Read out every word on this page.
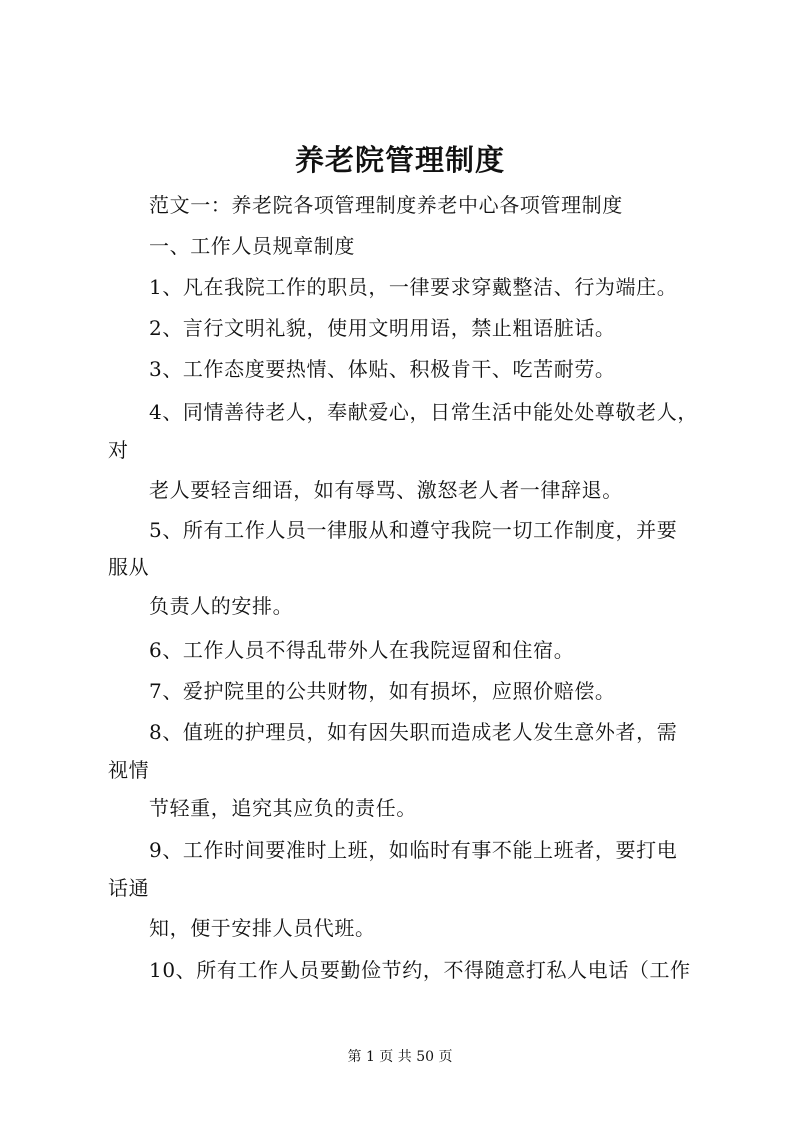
养老院管理制度
范文一：养老院各项管理制度养老中心各项管理制度
一、工作人员规章制度
1、凡在我院工作的职员，一律要求穿戴整洁、行为端庄。
2、言行文明礼貌，使用文明用语，禁止粗语脏话。
3、工作态度要热情、体贴、积极肯干、吃苦耐劳。
4、同情善待老人，奉献爱心，日常生活中能处处尊敬老人，
对
老人要轻言细语，如有辱骂、激怒老人者一律辞退。
5、所有工作人员一律服从和遵守我院一切工作制度，并要
服从
负责人的安排。
6、工作人员不得乱带外人在我院逗留和住宿。
7、爱护院里的公共财物，如有损坏，应照价赔偿。
8、值班的护理员，如有因失职而造成老人发生意外者，需
视情
节轻重，追究其应负的责任。
9、工作时间要准时上班，如临时有事不能上班者，要打电
话通
知，便于安排人员代班。
10、所有工作人员要勤俭节约，不得随意打私人电话（工作
第 1 页 共 50 页
